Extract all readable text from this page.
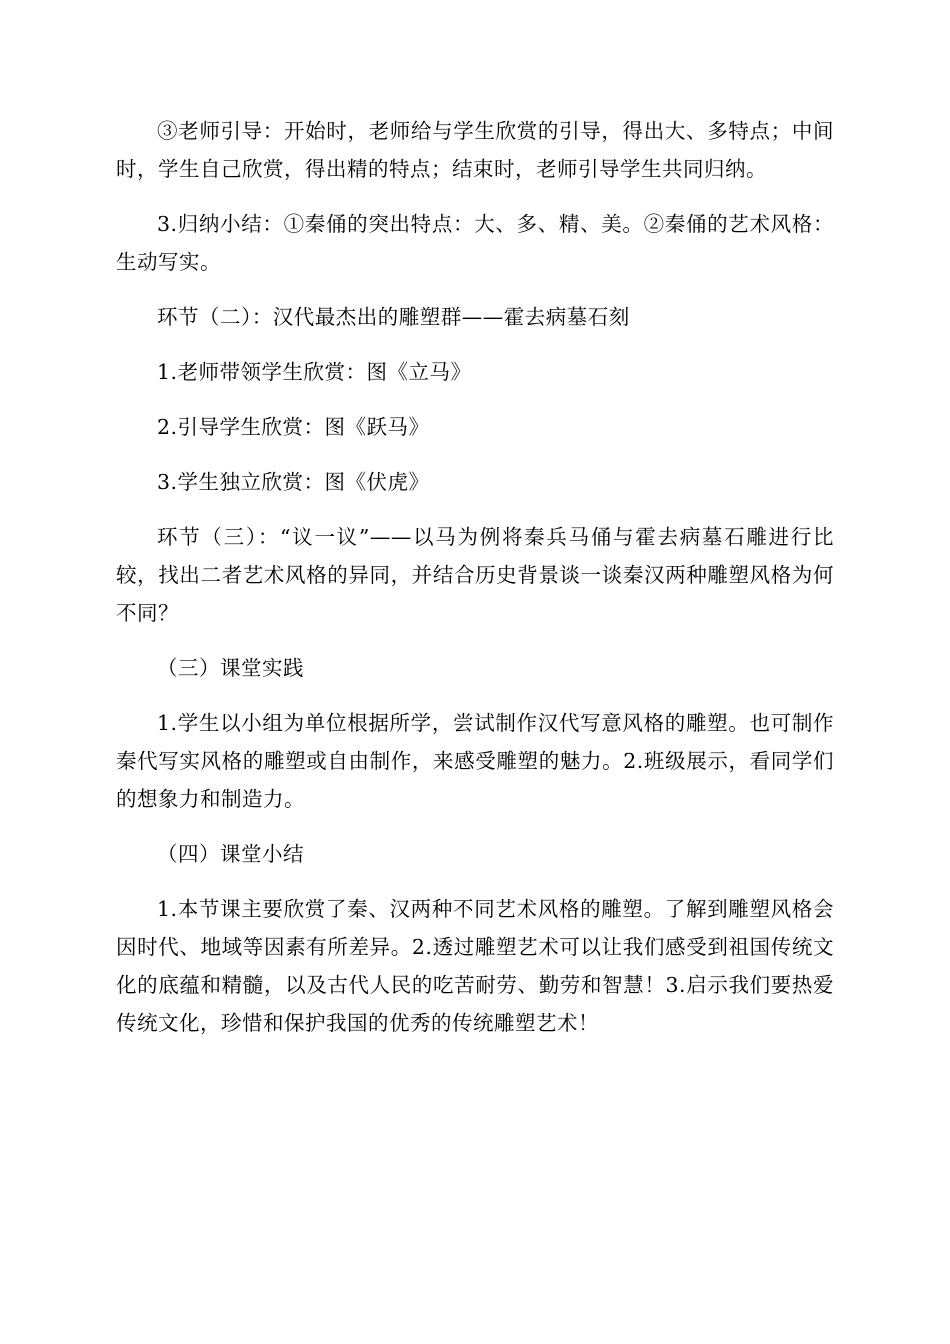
③老师引导：开始时，老师给与学生欣赏的引导，得出大、多特点；中间时，学生自己欣赏，得出精的特点；结束时，老师引导学生共同归纳。

3.归纳小结：①秦俑的突出特点：大、多、精、美。②秦俑的艺术风格：生动写实。

环节（二）：汉代最杰出的雕塑群——霍去病墓石刻

1.老师带领学生欣赏：图《立马》

2.引导学生欣赏：图《跃马》

3.学生独立欣赏：图《伏虎》

环节（三）：“议一议”——以马为例将秦兵马俑与霍去病墓石雕进行比较，找出二者艺术风格的异同，并结合历史背景谈一谈秦汉两种雕塑风格为何不同？

（三）课堂实践

1.学生以小组为单位根据所学，尝试制作汉代写意风格的雕塑。也可制作秦代写实风格的雕塑或自由制作，来感受雕塑的魅力。2.班级展示，看同学们的想象力和制造力。

（四）课堂小结

1.本节课主要欣赏了秦、汉两种不同艺术风格的雕塑。了解到雕塑风格会因时代、地域等因素有所差异。2.透过雕塑艺术可以让我们感受到祖国传统文化的底蕴和精髓，以及古代人民的吃苦耐劳、勤劳和智慧！3.启示我们要热爱传统文化，珍惜和保护我国的优秀的传统雕塑艺术！
